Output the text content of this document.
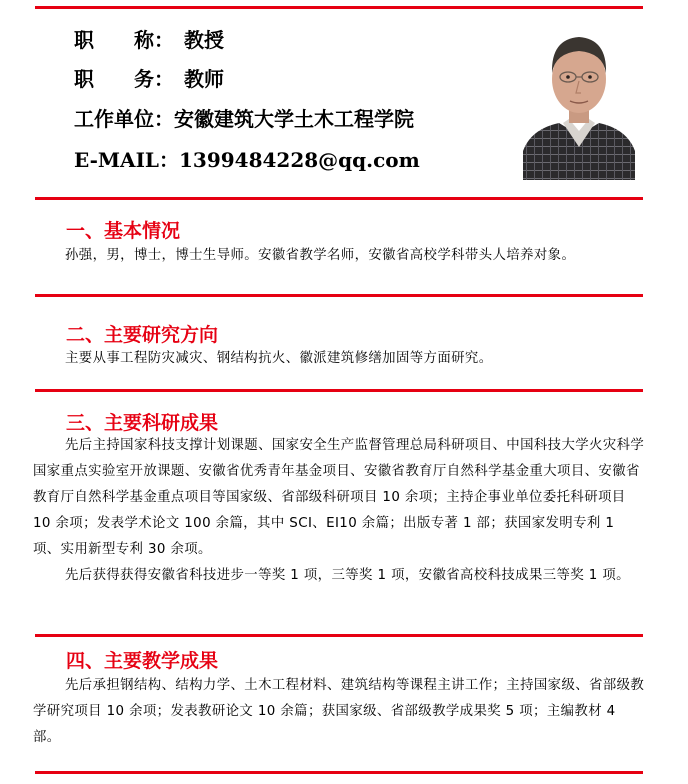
职　　称： 教授
职　　务： 教师
工作单位：安徽建筑大学土木工程学院
E-MAIL：1399484228@qq.com
一、基本情况

孙强，男，博士，博士生导师。安徽省教学名师，安徽省高校学科带头人培养对象。

二、主要研究方向

主要从事工程防灾减灾、钢结构抗火、徽派建筑修缮加固等方面研究。

三、主要科研成果

先后主持国家科技支撑计划课题、国家安全生产监督管理总局科研项目、中国科技大学火灾科学国家重点实验室开放课题、安徽省优秀青年基金项目、安徽省教育厅自然科学基金重大项目、安徽省教育厅自然科学基金重点项目等国家级、省部级科研项目 10 余项；主持企事业单位委托科研项目 10 余项；发表学术论文 100 余篇，其中 SCI、EI10 余篇；出版专著 1 部；获国家发明专利 1 项、实用新型专利 30 余项。

先后获得获得安徽省科技进步一等奖 1 项，三等奖 1 项，安徽省高校科技成果三等奖 1 项。

四、主要教学成果

先后承担钢结构、结构力学、土木工程材料、建筑结构等课程主讲工作；主持国家级、省部级教学研究项目 10 余项；发表教研论文 10 余篇；获国家级、省部级教学成果奖 5 项；主编教材 4 部。
